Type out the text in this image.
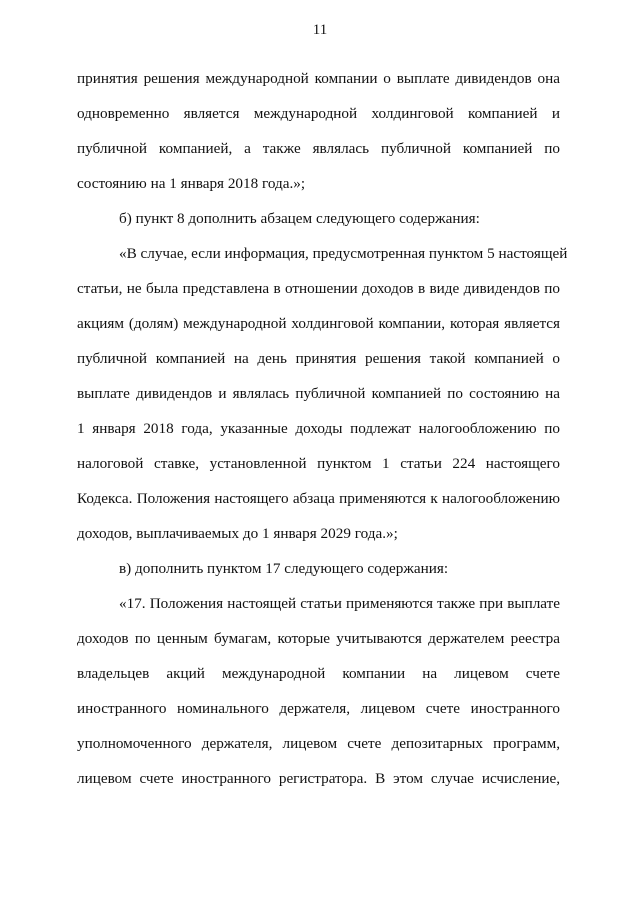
11
принятия решения международной компании о выплате дивидендов она
одновременно является международной холдинговой компанией и
публичной компанией, а также являлась публичной компанией по
состоянию на 1 января 2018 года.»;
б) пункт 8 дополнить абзацем следующего содержания:
«В случае, если информация, предусмотренная пунктом 5 настоящей
статьи, не была представлена в отношении доходов в виде дивидендов по
акциям (долям) международной холдинговой компании, которая является
публичной компанией на день принятия решения такой компанией о
выплате дивидендов и являлась публичной компанией по состоянию на
1 января 2018 года, указанные доходы подлежат налогообложению по
налоговой ставке, установленной пунктом 1 статьи 224 настоящего
Кодекса. Положения настоящего абзаца применяются к налогообложению
доходов, выплачиваемых до 1 января 2029 года.»;
в) дополнить пунктом 17 следующего содержания:
«17. Положения настоящей статьи применяются также при выплате
доходов по ценным бумагам, которые учитываются держателем реестра
владельцев акций международной компании на лицевом счете
иностранного номинального держателя, лицевом счете иностранного
уполномоченного держателя, лицевом счете депозитарных программ,
лицевом счете иностранного регистратора. В этом случае исчисление,
